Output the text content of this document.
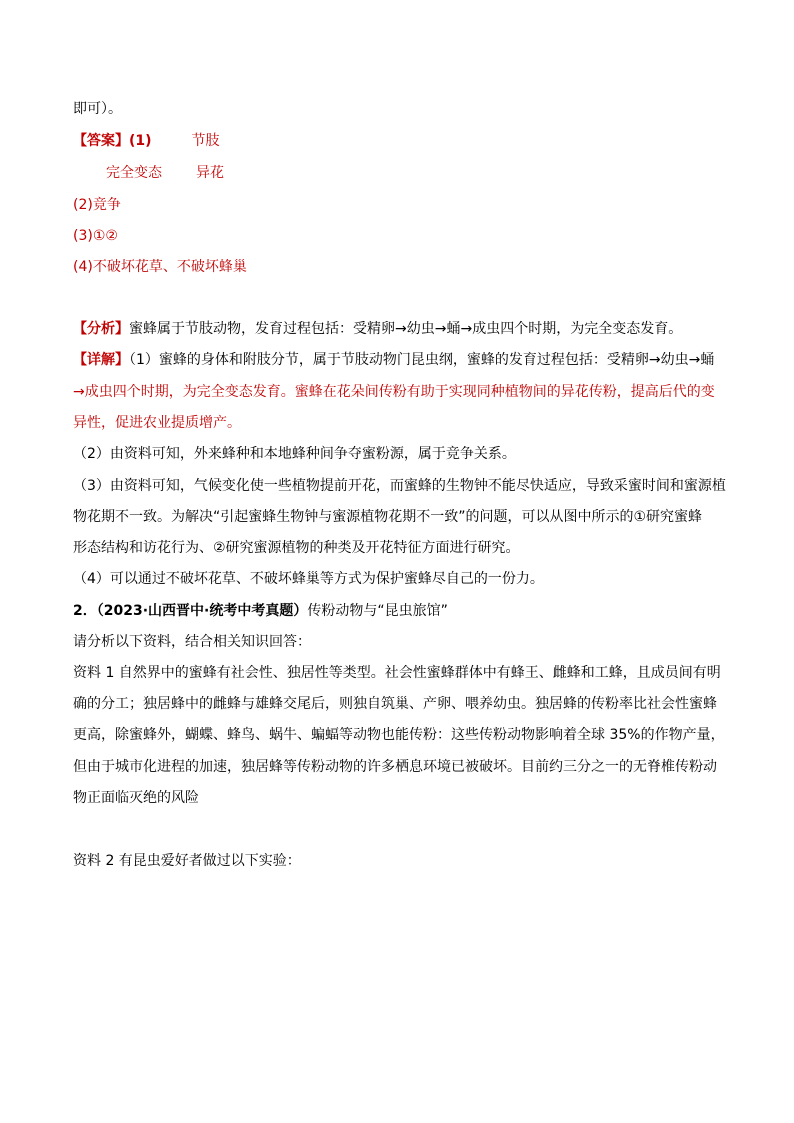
即可）。
【答案】(1)	节肢
完全变态 异花
(2)竞争
(3)①②
(4)不破坏花草、不破坏蜂巢
【分析】蜜蜂属于节肢动物，发育过程包括：受精卵→幼虫→蛹→成虫四个时期，为完全变态发育。
【详解】（1）蜜蜂的身体和附肢分节，属于节肢动物门昆虫纲，蜜蜂的发育过程包括：受精卵→幼虫→蛹
→成虫四个时期，为完全变态发育。蜜蜂在花朵间传粉有助于实现同种植物间的异花传粉，提高后代的变
异性，促进农业提质增产。
（2）由资料可知，外来蜂种和本地蜂种间争夺蜜粉源，属于竞争关系。
（3）由资料可知，气候变化使一些植物提前开花，而蜜蜂的生物钟不能尽快适应，导致采蜜时间和蜜源植
物花期不一致。为解决“引起蜜蜂生物钟与蜜源植物花期不一致”的问题，可以从图中所示的①研究蜜蜂
形态结构和访花行为、②研究蜜源植物的种类及开花特征方面进行研究。
（4）可以通过不破坏花草、不破坏蜂巢等方式为保护蜜蜂尽自己的一份力。
2．（2023·山西晋中·统考中考真题）传粉动物与“昆虫旅馆”
请分析以下资料，结合相关知识回答：
资料 1 自然界中的蜜蜂有社会性、独居性等类型。社会性蜜蜂群体中有蜂王、雌蜂和工蜂，且成员间有明
确的分工；独居蜂中的雌蜂与雄蜂交尾后，则独自筑巢、产卵、喂养幼虫。独居蜂的传粉率比社会性蜜蜂
更高，除蜜蜂外，蝴蝶、蜂鸟、蜗牛、蝙蝠等动物也能传粉：这些传粉动物影响着全球 35%的作物产量，
但由于城市化进程的加速，独居蜂等传粉动物的许多栖息环境已被破坏。目前约三分之一的无脊椎传粉动
物正面临灭绝的风险
资料 2 有昆虫爱好者做过以下实验：
